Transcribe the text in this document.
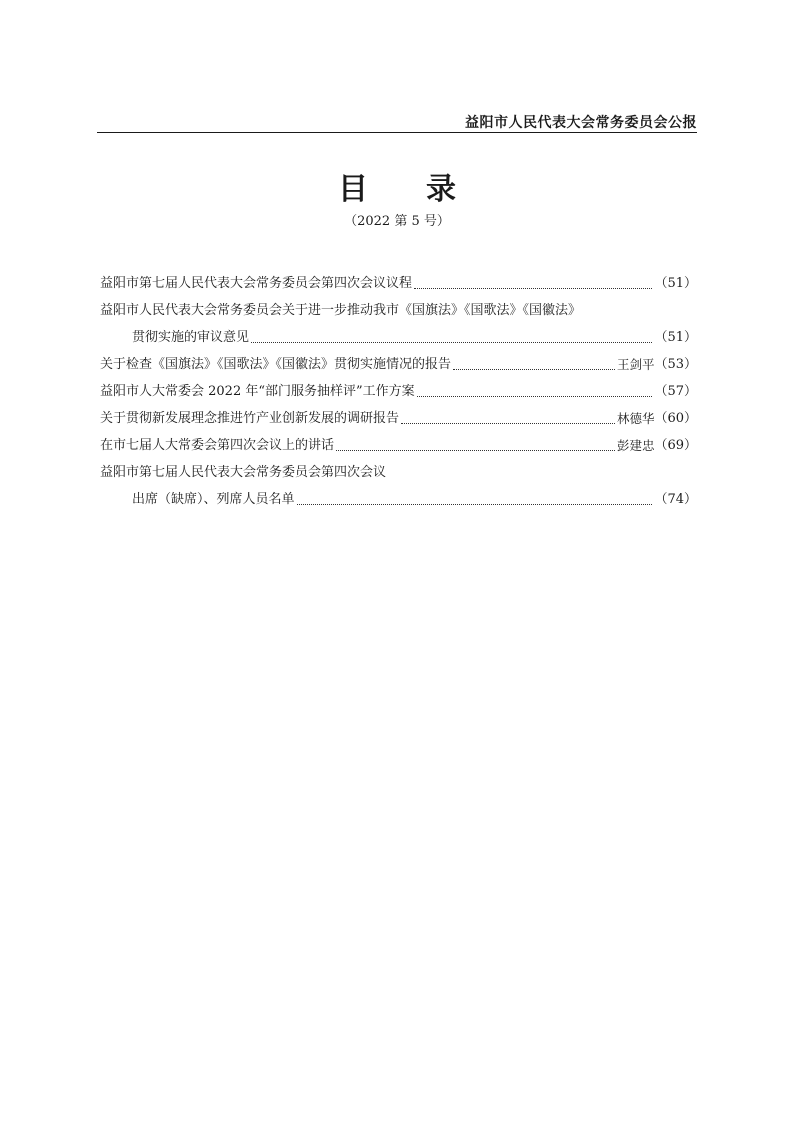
益阳市人民代表大会常务委员会公报
目 录
（2022 第 5 号）
益阳市第七届人民代表大会常务委员会第四次会议议程	（51）
益阳市人民代表大会常务委员会关于进一步推动我市《国旗法》《国歌法》《国徽法》
贯彻实施的审议意见	（51）
关于检查《国旗法》《国歌法》《国徽法》贯彻实施情况的报告	王剑平 （53）
益阳市人大常委会 2022 年“部门服务抽样评”工作方案	（57）
关于贯彻新发展理念推进竹产业创新发展的调研报告	林德华 （60）
在市七届人大常委会第四次会议上的讲话	彭建忠 （69）
益阳市第七届人民代表大会常务委员会第四次会议
出席（缺席）、列席人员名单	（74）
